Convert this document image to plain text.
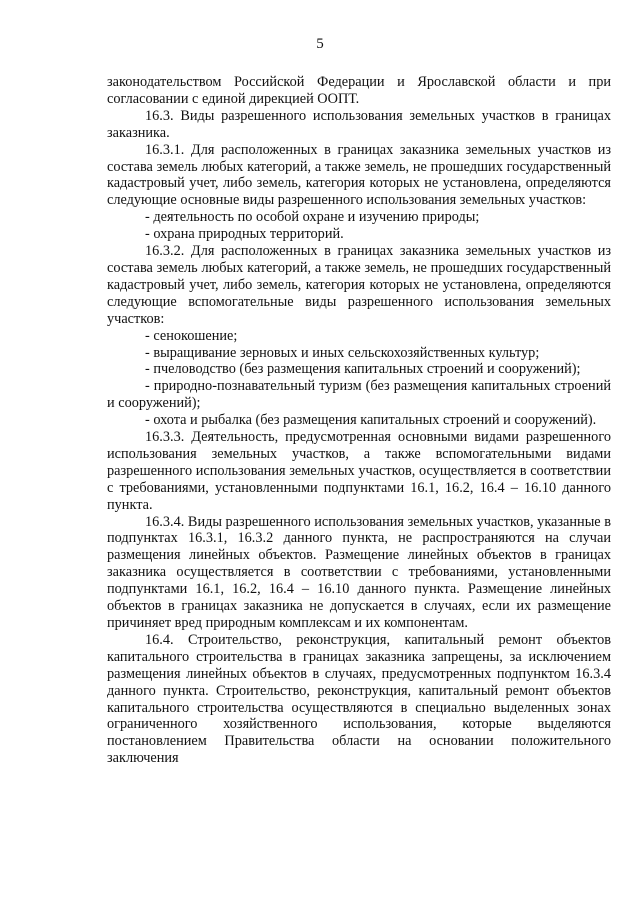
5

законодательством Российской Федерации и Ярославской области и при согласовании с единой дирекцией ООПТ.

16.3. Виды разрешенного использования земельных участков в границах заказника.

16.3.1. Для расположенных в границах заказника земельных участков из состава земель любых категорий, а также земель, не прошедших государственный кадастровый учет, либо земель, категория которых не установлена, определяются следующие основные виды разрешенного использования земельных участков:

- деятельность по особой охране и изучению природы;

- охрана природных территорий.

16.3.2. Для расположенных в границах заказника земельных участков из состава земель любых категорий, а также земель, не прошедших государственный кадастровый учет, либо земель, категория которых не установлена, определяются следующие вспомогательные виды разрешенного использования земельных участков:

- сенокошение;

- выращивание зерновых и иных сельскохозяйственных культур;

- пчеловодство (без размещения капитальных строений и сооружений);

- природно-познавательный туризм (без размещения капитальных строений и сооружений);

- охота и рыбалка (без размещения капитальных строений и сооружений).

16.3.3. Деятельность, предусмотренная основными видами разрешенного использования земельных участков, а также вспомогательными видами разрешенного использования земельных участков, осуществляется в соответствии с требованиями, установленными подпунктами 16.1, 16.2, 16.4 – 16.10 данного пункта.

16.3.4. Виды разрешенного использования земельных участков, указанные в подпунктах 16.3.1, 16.3.2 данного пункта, не распространяются на случаи размещения линейных объектов. Размещение линейных объектов в границах заказника осуществляется в соответствии с требованиями, установленными подпунктами 16.1, 16.2, 16.4 – 16.10 данного пункта. Размещение линейных объектов в границах заказника не допускается в случаях, если их размещение причиняет вред природным комплексам и их компонентам.

16.4. Строительство, реконструкция, капитальный ремонт объектов капитального строительства в границах заказника запрещены, за исключением размещения линейных объектов в случаях, предусмотренных подпунктом 16.3.4 данного пункта. Строительство, реконструкция, капитальный ремонт объектов капитального строительства осуществляются в специально выделенных зонах ограниченного хозяйственного использования, которые выделяются постановлением Правительства области на основании положительного заключения
